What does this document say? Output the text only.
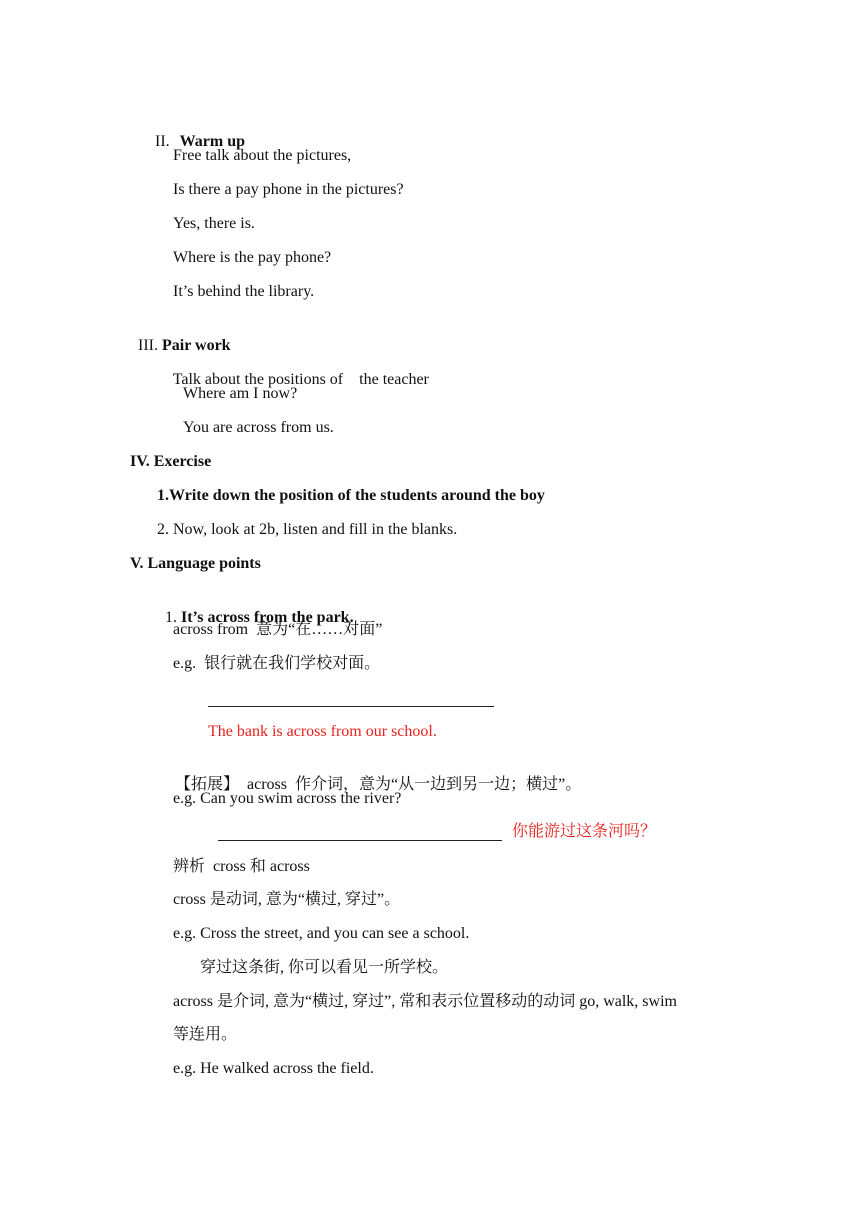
II. Warm up

Free talk about the pictures,
Is there a pay phone in the pictures?
Yes, there is.
Where is the pay phone?
It’s behind the library.

III. Pair work

Talk about the positions of the teacher

Where am I now?
You are across from us.
IV. Exercise
1.Write down the position of the students around the boy
2. Now, look at 2b, listen and fill in the blanks.
V. Language points

1. It’s across from the park.

across from  意为“在……对面”
e.g.  银行就在我们学校对面。
The bank is across from our school.

【拓展】 across  作介词，意为“从一边到另一边；横过”。

e.g. Can you swim across the river?
你能游过这条河吗？
辨析  cross 和 across
cross 是动词, 意为“横过, 穿过”。
e.g. Cross the street, and you can see a school.
穿过这条街, 你可以看见一所学校。
across 是介词, 意为“横过, 穿过”, 常和表示位置移动的动词 go, walk, swim
等连用。
e.g. He walked across the field.
